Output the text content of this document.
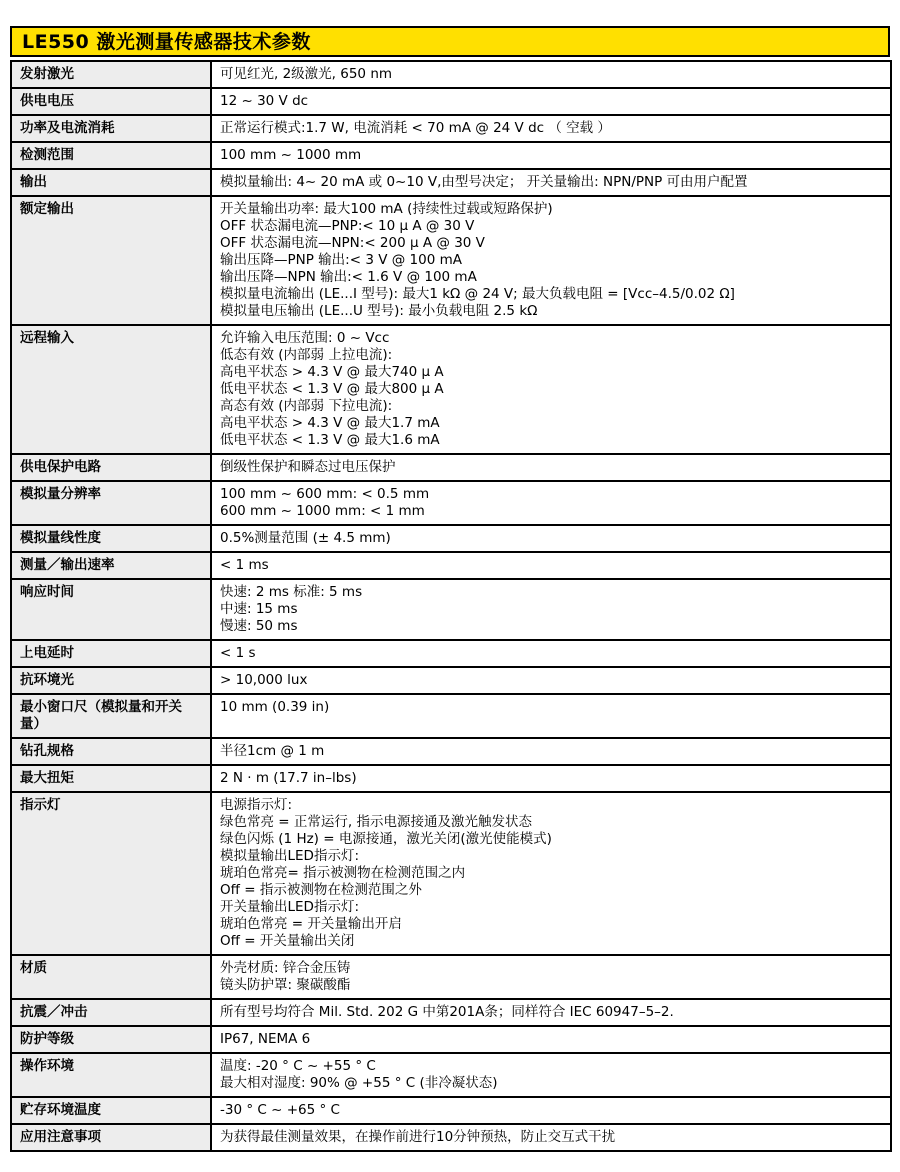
LE550 激光测量传感器技术参数
发射激光	可见红光, 2级激光, 650 nm

供电电压	12 ~ 30 V dc

功率及电流消耗	正常运行模式:1.7 W, 电流消耗 < 70 mA @ 24 V dc （ 空载 ）

检测范围	100 mm ~ 1000 mm

输出	模拟量输出: 4~ 20 mA 或 0~10 V,由型号决定； 开关量输出: NPN/PNP 可由用户配置

额定输出	开关量输出功率: 最大100 mA (持续性过载或短路保护)
OFF 状态漏电流—PNP:< 10 μ A @ 30 V
OFF 状态漏电流—NPN:< 200 μ A @ 30 V
输出压降—PNP 输出:< 3 V @ 100 mA
输出压降—NPN 输出:< 1.6 V @ 100 mA
模拟量电流输出 (LE...I 型号): 最大1 kΩ @ 24 V; 最大负载电阻 = [Vcc–4.5/0.02 Ω]
模拟量电压输出 (LE...U 型号): 最小负载电阻 2.5 kΩ

远程输入	允许输入电压范围: 0 ~ Vcc
低态有效 (内部弱 上拉电流):
高电平状态 > 4.3 V @ 最大740 μ A
低电平状态 < 1.3 V @ 最大800 μ A
高态有效 (内部弱 下拉电流):
高电平状态 > 4.3 V @ 最大1.7 mA
低电平状态 < 1.3 V @ 最大1.6 mA

供电保护电路	倒级性保护和瞬态过电压保护

模拟量分辨率	100 mm ~ 600 mm: < 0.5 mm
600 mm ~ 1000 mm: < 1 mm

模拟量线性度	0.5%测量范围 (± 4.5 mm)

测量／输出速率	< 1 ms

响应时间	快速: 2 ms 标准: 5 ms
中速: 15 ms
慢速: 50 ms

上电延时	< 1 s

抗环境光	> 10,000 lux

最小窗口尺（模拟量和开关量）	10 mm (0.39 in)

钻孔规格	半径1cm @ 1 m

最大扭矩	2 N · m (17.7 in–lbs)

指示灯	电源指示灯:
绿色常亮 = 正常运行, 指示电源接通及激光触发状态
绿色闪烁 (1 Hz) = 电源接通，激光关闭(激光使能模式)
模拟量输出LED指示灯:
琥珀色常亮= 指示被测物在检测范围之内
Off = 指示被测物在检测范围之外
开关量输出LED指示灯:
琥珀色常亮 = 开关量输出开启
Off = 开关量输出关闭

材质	外壳材质: 锌合金压铸
镜头防护罩: 聚碳酸酯

抗震／冲击	所有型号均符合 Mil. Std. 202 G 中第201A条；同样符合 IEC 60947–5–2.

防护等级	IP67, NEMA 6

操作环境	温度: -20 ° C ~ +55 ° C
最大相对湿度: 90% @ +55 ° C (非冷凝状态)

贮存环境温度	-30 ° C ~ +65 ° C

应用注意事项	为获得最佳测量效果，在操作前进行10分钟预热，防止交互式干扰
